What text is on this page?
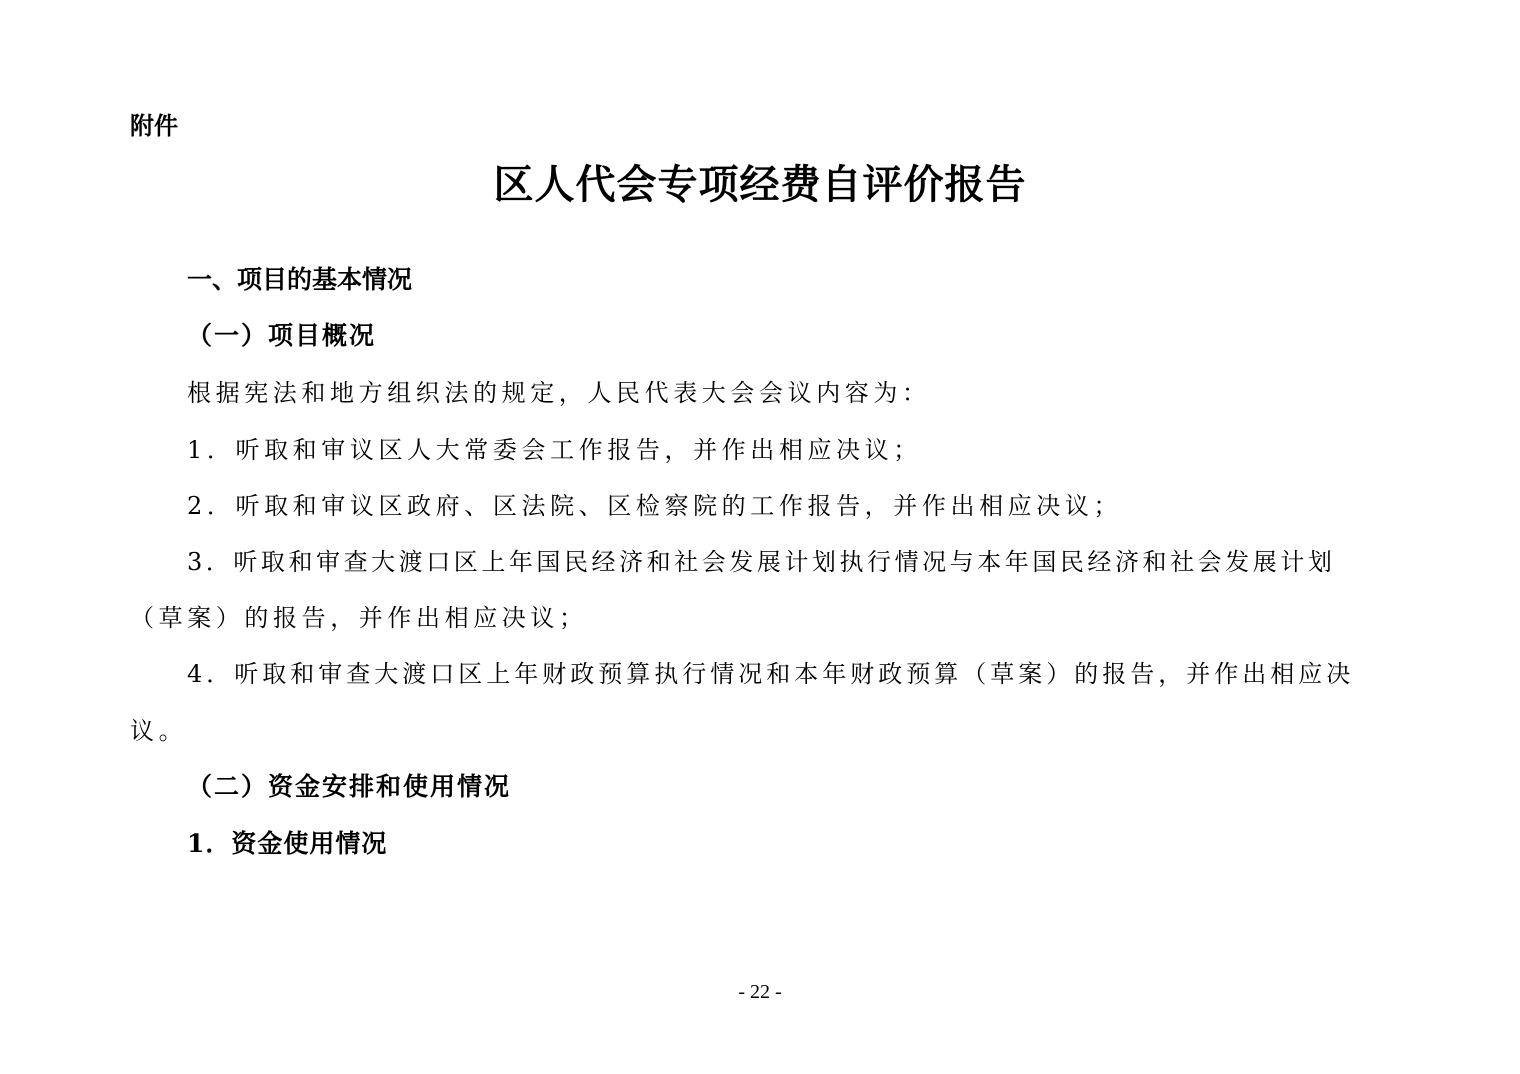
附件
区人代会专项经费自评价报告
一、项目的基本情况
（一）项目概况
根据宪法和地方组织法的规定，人民代表大会会议内容为：
1．听取和审议区人大常委会工作报告，并作出相应决议；
2．听取和审议区政府、区法院、区检察院的工作报告，并作出相应决议；
3．听取和审查大渡口区上年国民经济和社会发展计划执行情况与本年国民经济和社会发展计划
（草案）的报告，并作出相应决议；
4．听取和审查大渡口区上年财政预算执行情况和本年财政预算（草案）的报告，并作出相应决
议。
（二）资金安排和使用情况
1．资金使用情况
- 22 -
